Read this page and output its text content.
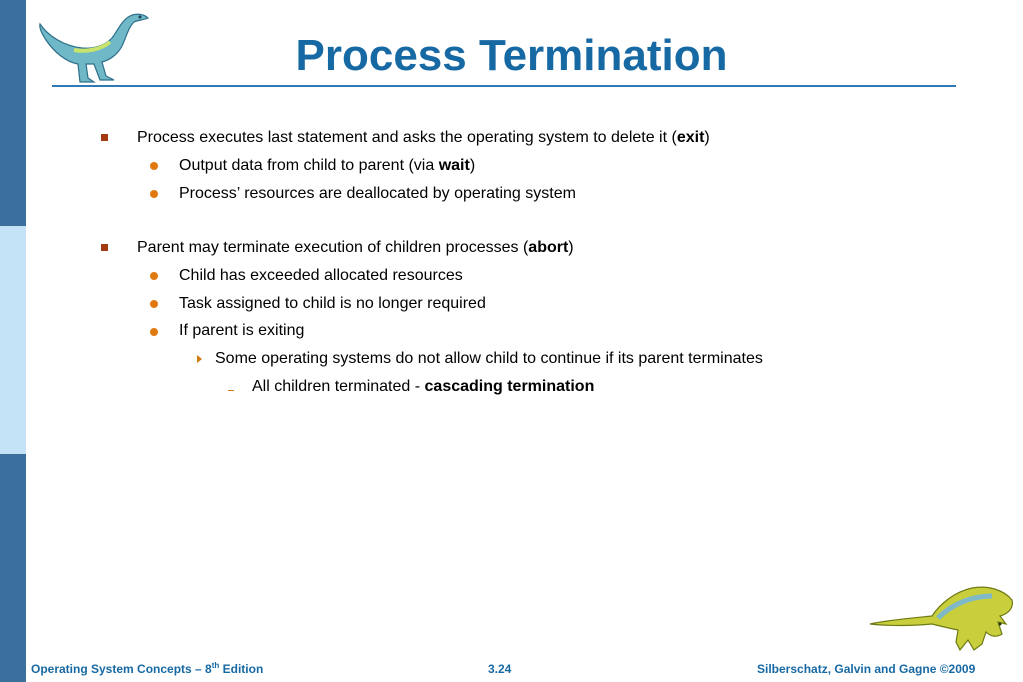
Process Termination
Process executes last statement and asks the operating system to delete it (exit)
Output data from child to parent (via wait)
Process’ resources are deallocated by operating system
Parent may terminate execution of children processes (abort)
Child has exceeded allocated resources
Task assigned to child is no longer required
If parent is exiting
Some operating systems do not allow child to continue if its parent terminates
All children terminated - cascading termination
Operating System Concepts – 8th Edition	3.24	Silberschatz, Galvin and Gagne ©2009
